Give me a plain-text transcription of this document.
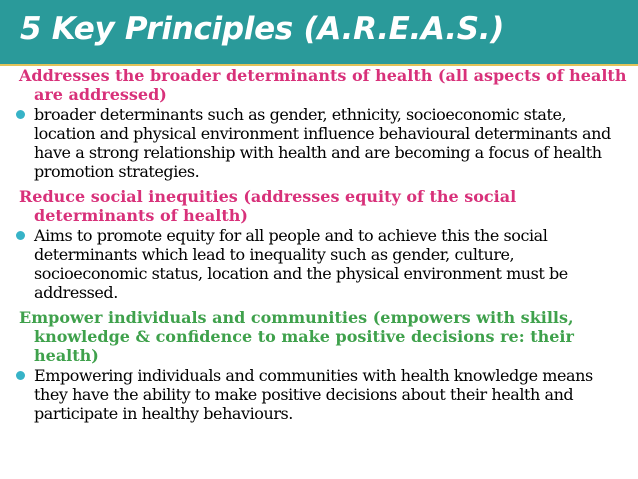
5 Key Principles (A.R.E.A.S.)
Addresses the broader determinants of health (all aspects of health are addressed)
broader determinants such as gender, ethnicity, socioeconomic state, location and physical environment influence behavioural determinants and have a strong relationship with health and are becoming a focus of health promotion strategies.
Reduce social inequities (addresses equity of the social determinants of health)
Aims to promote equity for all people and to achieve this the social determinants which lead to inequality such as gender, culture, socioeconomic status, location and the physical environment must be addressed.
Empower individuals and communities (empowers with skills, knowledge & confidence to make positive decisions re: their health)
Empowering individuals and communities with health knowledge means they have the ability to make positive decisions about their health and participate in healthy behaviours.
